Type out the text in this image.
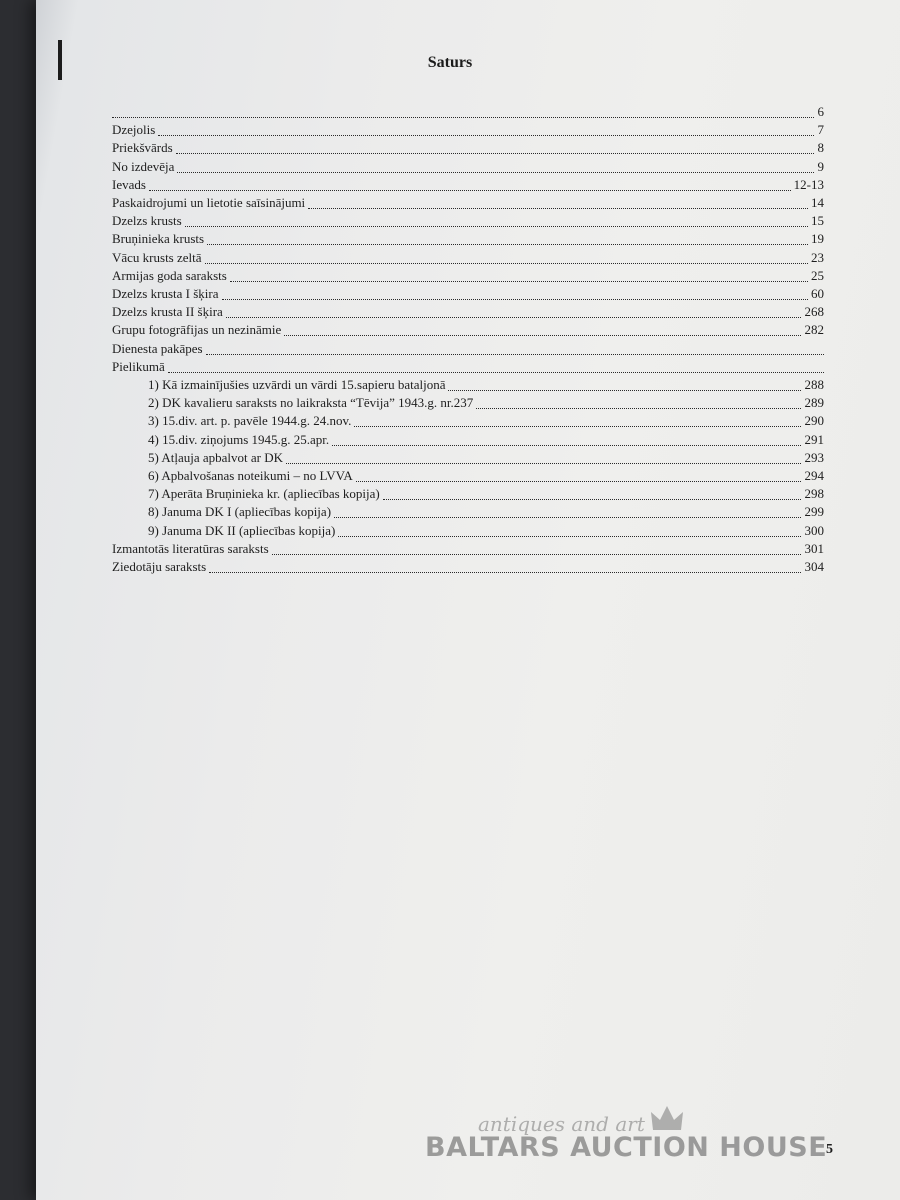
Saturs
6
Dzejolis	7
Priekšvārds	8
No izdevēja	9
Ievads	12-13
Paskaidrojumi un lietotie saīsinājumi	14
Dzelzs krusts	15
Bruņinieka krusts	19
Vācu krusts zeltā	23
Armijas goda saraksts	25
Dzelzs krusta I šķira	60
Dzelzs krusta II šķira	268
Grupu fotogrāfijas un nezināmie	282
Dienesta pakāpes
Pielikumā
1) Kā izmainījušies uzvārdi un vārdi 15.sapieru bataljonā	288
2) DK kavalieru saraksts no laikraksta “Tēvija” 1943.g. nr.237	289
3) 15.div. art. p. pavēle 1944.g. 24.nov.	290
4) 15.div. ziņojums 1945.g. 25.apr.	291
5) Atļauja apbalvot ar DK	293
6) Apbalvošanas noteikumi – no LVVA	294
7) Aperāta Bruņinieka kr. (apliecības kopija)	298
8) Januma DK I (apliecības kopija)	299
9) Januma DK II (apliecības kopija)	300
Izmantotās literatūras saraksts	301
Ziedotāju saraksts	304
antiques and art
BALTARS AUCTION HOUSE
5
